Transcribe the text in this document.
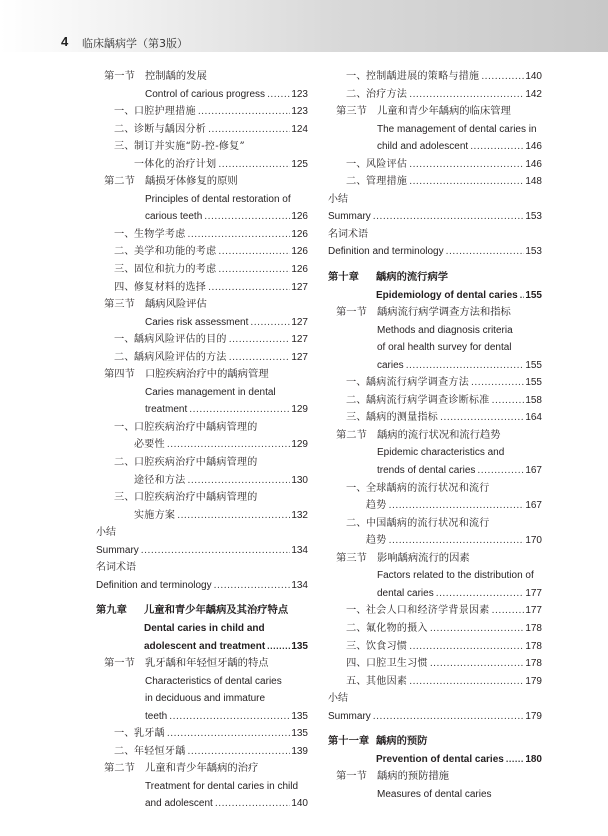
4 临床龋病学（第3版）
第一节 控制龋的发展
Control of carious progress .....	123
一、 口腔护理措施 .....	123
二、 诊断与龋因分析 .....	124
三、 制订并实施“防-控-修复”
一体化的治疗计划 .....	125
第二节 龋损牙体修复的原则
Principles of dental restoration of
carious teeth .....	126
一、 生物学考虑 .....	126
二、 美学和功能的考虑 .....	126
三、 固位和抗力的考虑 .....	126
四、 修复材料的选择 .....	127
第三节 龋病风险评估
Caries risk assessment .....	127
一、 龋病风险评估的目的 .....	127
二、 龋病风险评估的方法 .....	127
第四节 口腔疾病治疗中的龋病管理
Caries management in dental
treatment .....	129
一、 口腔疾病治疗中龋病管理的
必要性 .....	129
二、 口腔疾病治疗中龋病管理的
途径和方法 .....	130
三、 口腔疾病治疗中龋病管理的
实施方案 .....	132
小结
Summary .....	134
名词术语
Definition and terminology .....	134
第九章 儿童和青少年龋病及其治疗特点
Dental caries in child and
adolescent and treatment .....	135
第一节 乳牙龋和年轻恒牙龋的特点
Characteristics of dental caries
in deciduous and immature
teeth .....	135
一、 乳牙龋 .....	135
二、 年轻恒牙龋 .....	139
第二节 儿童和青少年龋病的治疗
Treatment for dental caries in child
and adolescent .....	140
一、 控制龋进展的策略与措施 .....	140
二、 治疗方法 .....	142
第三节 儿童和青少年龋病的临床管理
The management of dental caries in
child and adolescent .....	146
一、 风险评估 .....	146
二、 管理措施 .....	148
小结
Summary .....	153
名词术语
Definition and terminology .....	153
第十章 龋病的流行病学
Epidemiology of dental caries ..... 155
第一节 龋病流行病学调查方法和指标
Methods and diagnosis criteria
of oral health survey for dental
caries .....	155
一、 龋病流行病学调查方法 .....	155
二、 龋病流行病学调查诊断标准 .....	158
三、 龋病的测量指标 .....	164
第二节 龋病的流行状况和流行趋势
Epidemic characteristics and
trends of dental caries .....	167
一、 全球龋病的流行状况和流行
趋势 .....	167
二、 中国龋病的流行状况和流行
趋势 .....	170
第三节 影响龋病流行的因素
Factors related to the distribution of
dental caries .....	177
一、 社会人口和经济学背景因素 .....	177
二、 氟化物的摄入 .....	178
三、 饮食习惯 .....	178
四、 口腔卫生习惯 .....	178
五、 其他因素 .....	179
小结
Summary .....	179
第十一章 龋病的预防
Prevention of dental caries ..... 180
第一节 龋病的预防措施
Measures of dental caries
